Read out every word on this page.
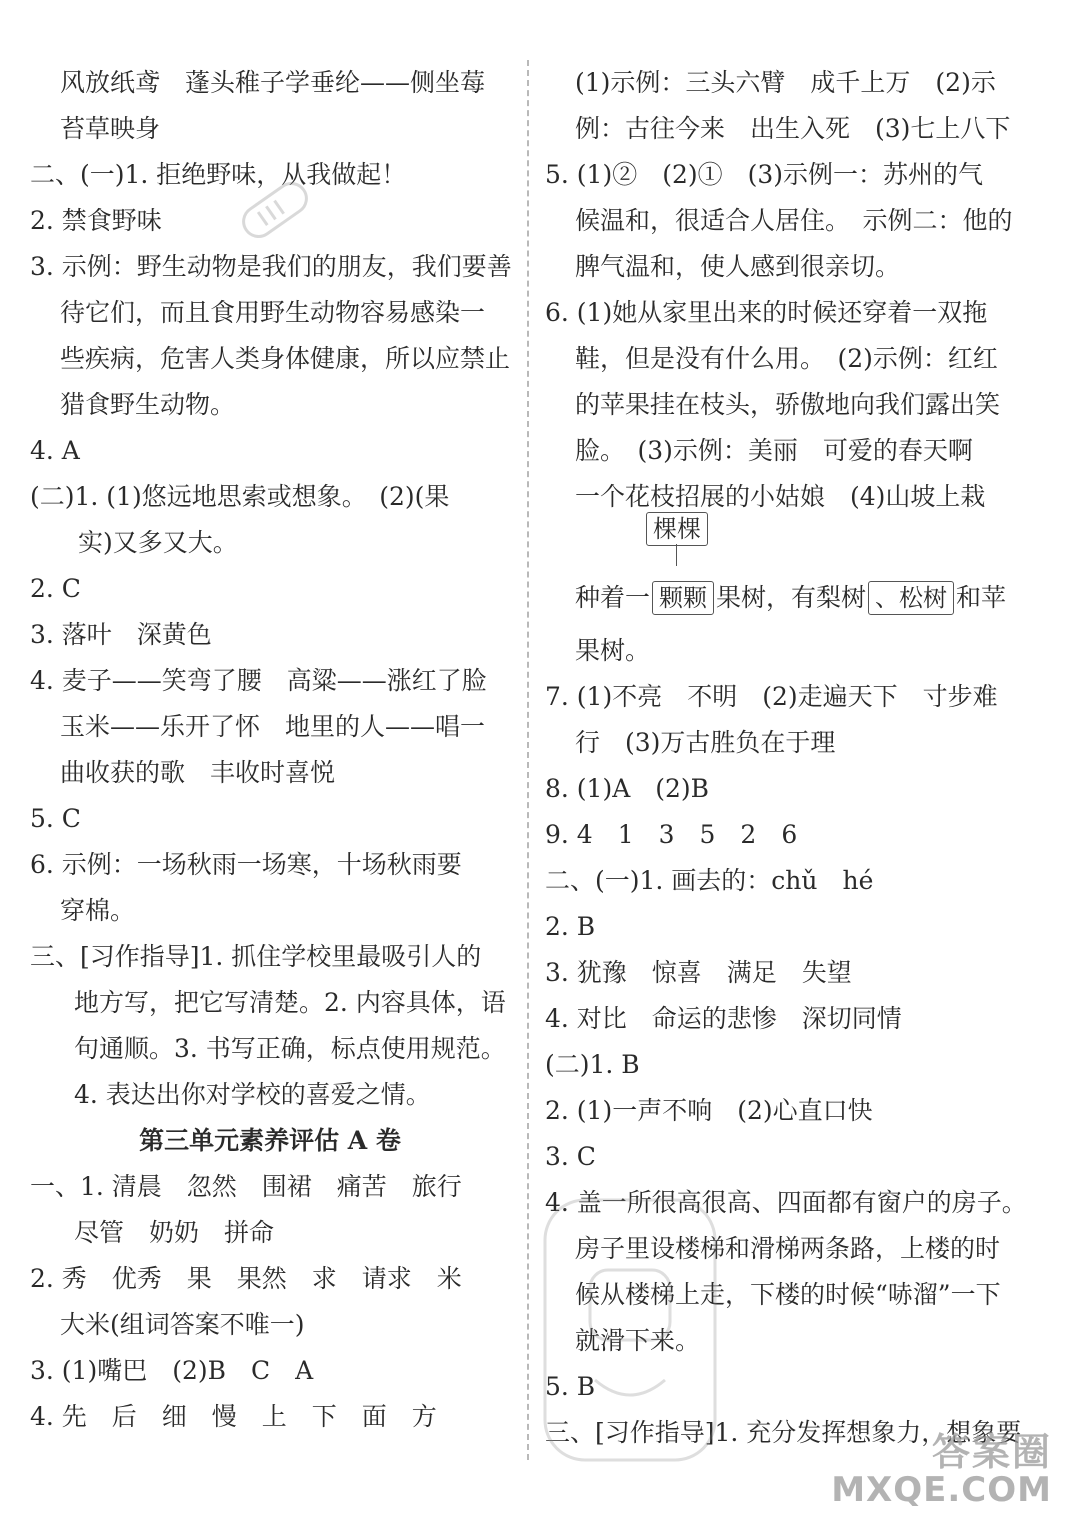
风放纸鸢　蓬头稚子学垂纶——侧坐莓
苔草映身
二、(一)1. 拒绝野味，从我做起！
2. 禁食野味
3. 示例：野生动物是我们的朋友，我们要善
待它们，而且食用野生动物容易感染一
些疾病，危害人类身体健康，所以应禁止
猎食野生动物。
4. A
(二)1. (1)悠远地思索或想象。　(2)(果
实)又多又大。
2. C
3. 落叶　深黄色
4. 麦子——笑弯了腰　高粱——涨红了脸
玉米——乐开了怀　地里的人——唱一
曲收获的歌　丰收时喜悦
5. C
6. 示例：一场秋雨一场寒，十场秋雨要
穿棉。
三、[习作指导]1. 抓住学校里最吸引人的
地方写，把它写清楚。2. 内容具体，语
句通顺。3. 书写正确，标点使用规范。
4. 表达出你对学校的喜爱之情。
第三单元素养评估 A 卷
一、1. 清晨　忽然　围裙　痛苦　旅行
尽管　奶奶　拼命
2. 秀　优秀　果　果然　求　请求　米
大米(组词答案不唯一)
3. (1)嘴巴　(2)B　C　A
4. 先　后　细　慢　上　下　面　方
(1)示例：三头六臂　成千上万　(2)示
例：古往今来　出生入死　(3)七上八下
5. (1)②　(2)①　(3)示例一：苏州的气
候温和，很适合人居住。　示例二：他的
脾气温和，使人感到很亲切。
6. (1)她从家里出来的时候还穿着一双拖
鞋，但是没有什么用。　(2)示例：红红
的苹果挂在枝头，骄傲地向我们露出笑
脸。　(3)示例：美丽　可爱的春天啊
一个花枝招展的小姑娘　(4)山坡上栽
种着一
棵棵
颗颗 果树，有梨树 、松树 和苹
果树。
7. (1)不亮　不明　(2)走遍天下　寸步难
行　(3)万古胜负在于理
8. (1)A　(2)B
9. 4　1　3　5　2　6
二、(一)1. 画去的：chǔ　hé
2. B
3. 犹豫　惊喜　满足　失望
4. 对比　命运的悲惨　深切同情
(二)1. B
2. (1)一声不响　(2)心直口快
3. C
4. 盖一所很高很高、四面都有窗户的房子。
房子里设楼梯和滑梯两条路，上楼的时
候从楼梯上走，下楼的时候“哧溜”一下
就滑下来。
5. B
三、[习作指导]1. 充分发挥想象力，想象要
答案圈
MXQE.COM
